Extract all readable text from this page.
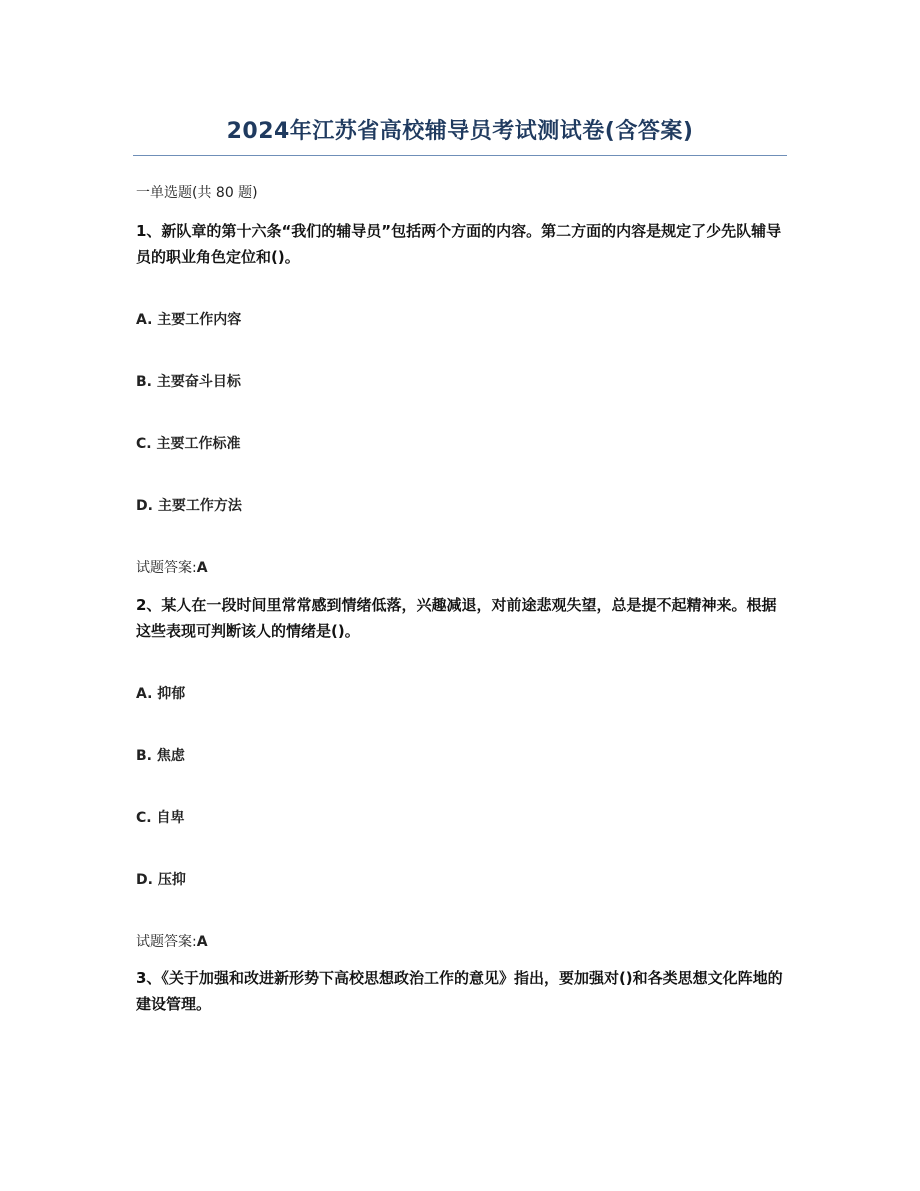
2024年江苏省高校辅导员考试测试卷(含答案)
一单选题(共 80 题)
1、新队章的第十六条“我们的辅导员”包括两个方面的内容。第二方面的内容是规定了少先队辅导员的职业角色定位和()。
A. 主要工作内容
B. 主要奋斗目标
C. 主要工作标准
D. 主要工作方法
试题答案:A
2、某人在一段时间里常常感到情绪低落，兴趣减退，对前途悲观失望，总是提不起精神来。根据这些表现可判断该人的情绪是()。
A. 抑郁
B. 焦虑
C. 自卑
D. 压抑
试题答案:A
3、《关于加强和改进新形势下高校思想政治工作的意见》指出，要加强对()和各类思想文化阵地的建设管理。
